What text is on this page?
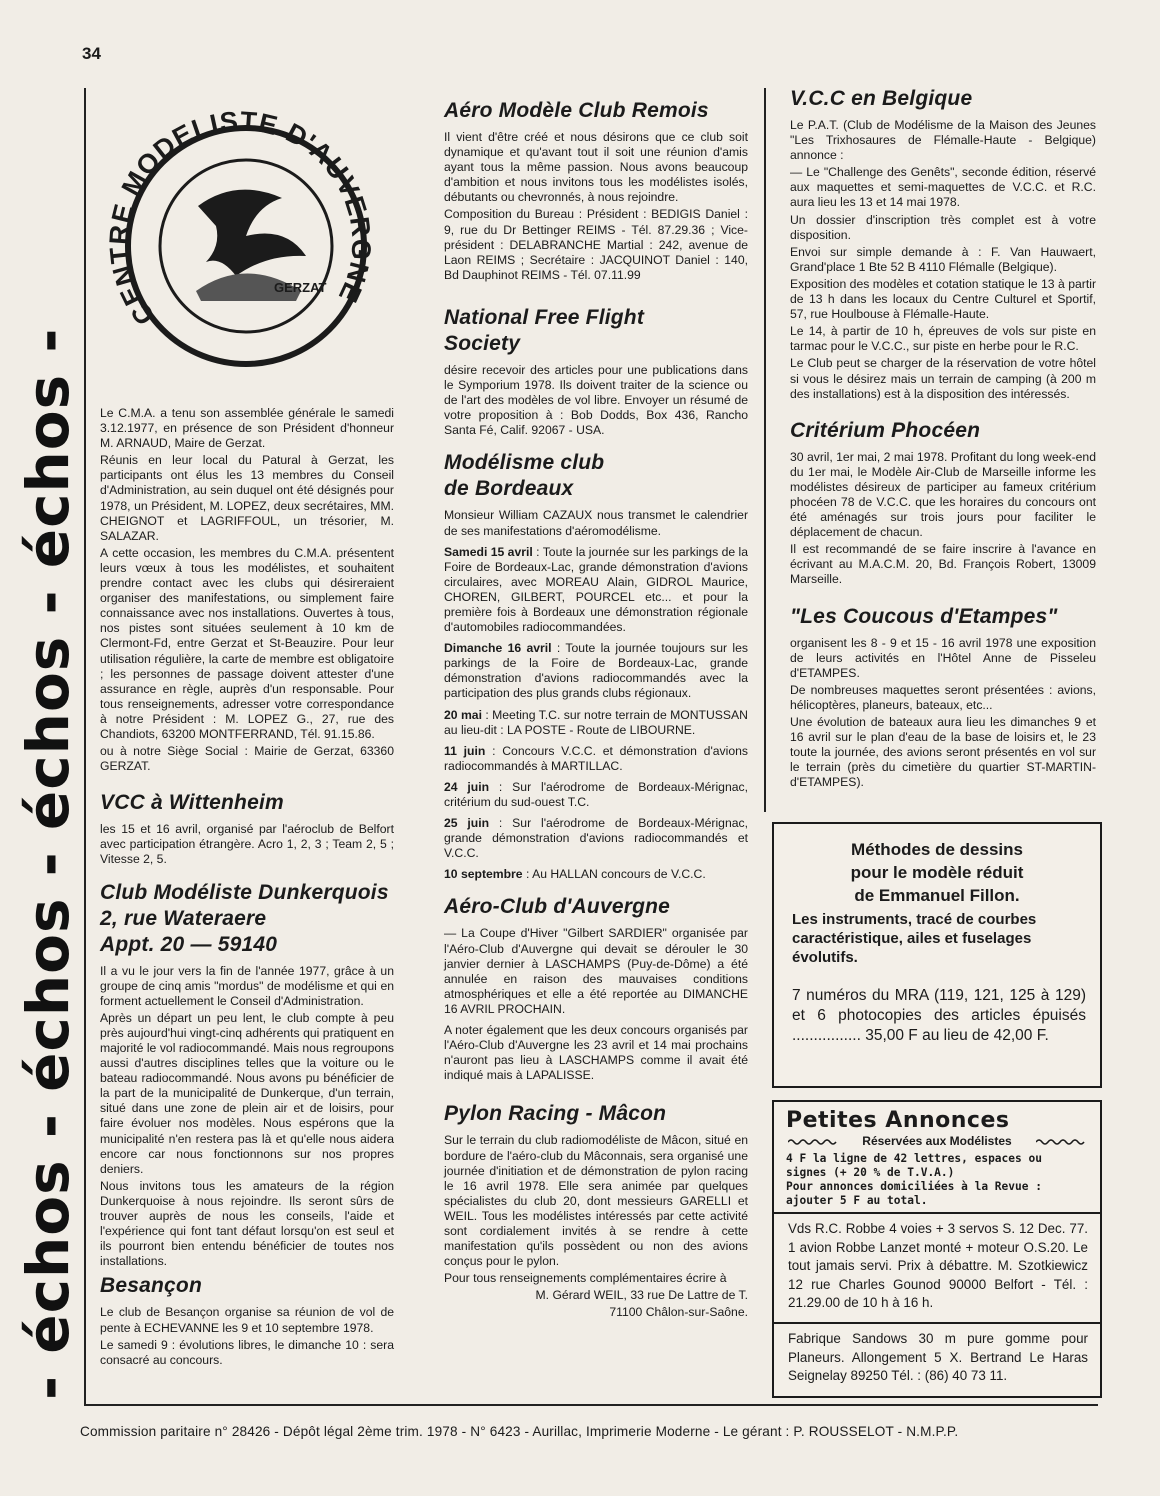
34
- échos - échos - échos - échos -
CENTRE MODELISTE D'AUVERGNE
GERZAT

Le C.M.A. a tenu son assemblée générale le samedi 3.12.1977, en présence de son Président d'honneur M. ARNAUD, Maire de Gerzat.

Réunis en leur local du Patural à Gerzat, les participants ont élus les 13 membres du Conseil d'Administration, au sein duquel ont été désignés pour 1978, un Président, M. LOPEZ, deux secrétaires, MM. CHEIGNOT et LAGRIFFOUL, un trésorier, M. SALAZAR.

A cette occasion, les membres du C.M.A. présentent leurs vœux à tous les modélistes, et souhaitent prendre contact avec les clubs qui désireraient organiser des manifestations, ou simplement faire connaissance avec nos installations. Ouvertes à tous, nos pistes sont situées seulement à 10 km de Clermont-Fd, entre Gerzat et St-Beauzire. Pour leur utilisation régulière, la carte de membre est obligatoire ; les personnes de passage doivent attester d'une assurance en règle, auprès d'un responsable. Pour tous renseignements, adresser votre correspondance à notre Président : M. LOPEZ G., 27, rue des Chandiots, 63200 MONTFERRAND, Tél. 91.15.86.

ou à notre Siège Social : Mairie de Gerzat, 63360 GERZAT.

VCC à Wittenheim

les 15 et 16 avril, organisé par l'aéroclub de Belfort avec participation étrangère. Acro 1, 2, 3 ; Team 2, 5 ; Vitesse 2, 5.

Club Modéliste Dunkerquois
2, rue Wateraere
Appt. 20 — 59140

Il a vu le jour vers la fin de l'année 1977, grâce à un groupe de cinq amis "mordus" de modélisme et qui en forment actuellement le Conseil d'Administration.

Après un départ un peu lent, le club compte à peu près aujourd'hui vingt-cinq adhérents qui pratiquent en majorité le vol radiocommandé. Mais nous regroupons aussi d'autres disciplines telles que la voiture ou le bateau radiocommandé. Nous avons pu bénéficier de la part de la municipalité de Dunkerque, d'un terrain, situé dans une zone de plein air et de loisirs, pour faire évoluer nos modèles. Nous espérons que la municipalité n'en restera pas là et qu'elle nous aidera encore car nous fonctionnons sur nos propres deniers.

Nous invitons tous les amateurs de la région Dunkerquoise à nous rejoindre. Ils seront sûrs de trouver auprès de nous les conseils, l'aide et l'expérience qui font tant défaut lorsqu'on est seul et ils pourront bien entendu bénéficier de toutes nos installations.

Besançon

Le club de Besançon organise sa réunion de vol de pente à ECHEVANNE les 9 et 10 septembre 1978.

Le samedi 9 : évolutions libres, le dimanche 10 : sera consacré au concours.

Aéro Modèle Club Remois

Il vient d'être créé et nous désirons que ce club soit dynamique et qu'avant tout il soit une réunion d'amis ayant tous la même passion. Nous avons beaucoup d'ambition et nous invitons tous les modélistes isolés, débutants ou chevronnés, à nous rejoindre.

Composition du Bureau : Président : BEDIGIS Daniel : 9, rue du Dr Bettinger REIMS - Tél. 87.29.36 ; Vice-président : DELABRANCHE Martial : 242, avenue de Laon REIMS ; Secrétaire : JACQUINOT Daniel : 140, Bd Dauphinot REIMS - Tél. 07.11.99

National Free Flight
Society

désire recevoir des articles pour une publications dans le Symporium 1978. Ils doivent traiter de la science ou de l'art des modèles de vol libre. Envoyer un résumé de votre proposition à : Bob Dodds, Box 436, Rancho Santa Fé, Calif. 92067 - USA.

Modélisme club
de Bordeaux

Monsieur William CAZAUX nous transmet le calendrier de ses manifestations d'aéromodélisme.

Samedi 15 avril : Toute la journée sur les parkings de la Foire de Bordeaux-Lac, grande démonstration d'avions circulaires, avec MOREAU Alain, GIDROL Maurice, CHOREN, GILBERT, POURCEL etc... et pour la première fois à Bordeaux une démonstration régionale d'automobiles radiocommandées.

Dimanche 16 avril : Toute la journée toujours sur les parkings de la Foire de Bordeaux-Lac, grande démonstration d'avions radiocommandés avec la participation des plus grands clubs régionaux.

20 mai : Meeting T.C. sur notre terrain de MONTUSSAN au lieu-dit : LA POSTE - Route de LIBOURNE.

11 juin : Concours V.C.C. et démonstration d'avions radiocommandés à MARTILLAC.

24 juin : Sur l'aérodrome de Bordeaux-Mérignac, critérium du sud-ouest T.C.

25 juin : Sur l'aérodrome de Bordeaux-Mérignac, grande démonstration d'avions radiocommandés et V.C.C.

10 septembre : Au HALLAN concours de V.C.C.

Aéro-Club d'Auvergne

— La Coupe d'Hiver "Gilbert SARDIER" organisée par l'Aéro-Club d'Auvergne qui devait se dérouler le 30 janvier dernier à LASCHAMPS (Puy-de-Dôme) a été annulée en raison des mauvaises conditions atmosphériques et elle a été reportée au DIMANCHE 16 AVRIL PROCHAIN.

A noter également que les deux concours organisés par l'Aéro-Club d'Auvergne les 23 avril et 14 mai prochains n'auront pas lieu à LASCHAMPS comme il avait été indiqué mais à LAPALISSE.

Pylon Racing - Mâcon

Sur le terrain du club radiomodéliste de Mâcon, situé en bordure de l'aéro-club du Mâconnais, sera organisé une journée d'initiation et de démonstration de pylon racing le 16 avril 1978. Elle sera animée par quelques spécialistes du club 20, dont messieurs GARELLI et WEIL. Tous les modélistes intéressés par cette activité sont cordialement invités à se rendre à cette manifestation qu'ils possèdent ou non des avions conçus pour le pylon.

Pour tous renseignements complémentaires écrire à

M. Gérard WEIL, 33 rue De Lattre de T.

71100 Châlon-sur-Saône.

V.C.C en Belgique

Le P.A.T. (Club de Modélisme de la Maison des Jeunes "Les Trixhosaures de Flémalle-Haute - Belgique) annonce :

— Le "Challenge des Genêts", seconde édition, réservé aux maquettes et semi-maquettes de V.C.C. et R.C. aura lieu les 13 et 14 mai 1978.

Un dossier d'inscription très complet est à votre disposition.

Envoi sur simple demande à : F. Van Hauwaert, Grand'place 1 Bte 52 B 4110 Flémalle (Belgique).

Exposition des modèles et cotation statique le 13 à partir de 13 h dans les locaux du Centre Culturel et Sportif, 57, rue Houlbouse à Flémalle-Haute.

Le 14, à partir de 10 h, épreuves de vols sur piste en tarmac pour le V.C.C., sur piste en herbe pour le R.C.

Le Club peut se charger de la réservation de votre hôtel si vous le désirez mais un terrain de camping (à 200 m des installations) est à la disposition des intéressés.

Critérium Phocéen

30 avril, 1er mai, 2 mai 1978. Profitant du long week-end du 1er mai, le Modèle Air-Club de Marseille informe les modélistes désireux de participer au fameux critérium phocéen 78 de V.C.C. que les horaires du concours ont été aménagés sur trois jours pour faciliter le déplacement de chacun.

Il est recommandé de se faire inscrire à l'avance en écrivant au M.A.C.M. 20, Bd. François Robert, 13009 Marseille.

"Les Coucous d'Etampes"

organisent les 8 - 9 et 15 - 16 avril 1978 une exposition de leurs activités en l'Hôtel Anne de Pisseleu d'ETAMPES.

De nombreuses maquettes seront présentées : avions, hélicoptères, planeurs, bateaux, etc...

Une évolution de bateaux aura lieu les dimanches 9 et 16 avril sur le plan d'eau de la base de loisirs et, le 23 toute la journée, des avions seront présentés en vol sur le terrain (près du cimetière du quartier ST-MARTIN-d'ETAMPES).

Méthodes de dessins
pour le modèle réduit
de Emmanuel Fillon.
Les instruments, tracé de courbes caractéristique, ailes et fuselages évolutifs.
7 numéros du MRA (119, 121, 125 à 129) et 6 photocopies des articles épuisés ................ 35,00 F au lieu de 42,00 F.
Petites Annonces
Réservées aux Modélistes
4 F la ligne de 42 lettres, espaces ou signes (+ 20 % de T.V.A.)
Pour annonces domiciliées à la Revue : ajouter 5 F au total.
Vds R.C. Robbe 4 voies + 3 servos S. 12 Dec. 77. 1 avion Robbe Lanzet monté + moteur O.S.20. Le tout jamais servi. Prix à débattre. M. Szotkiewicz 12 rue Charles Gounod 90000 Belfort - Tél. : 21.29.00 de 10 h à 16 h.
Fabrique Sandows 30 m pure gomme pour Planeurs. Allongement 5 X. Bertrand Le Haras Seignelay 89250 Tél. : (86) 40 73 11.
Commission paritaire n° 28426 - Dépôt légal 2ème trim. 1978 - N° 6423 - Aurillac, Imprimerie Moderne - Le gérant : P. ROUSSELOT - N.M.P.P.
